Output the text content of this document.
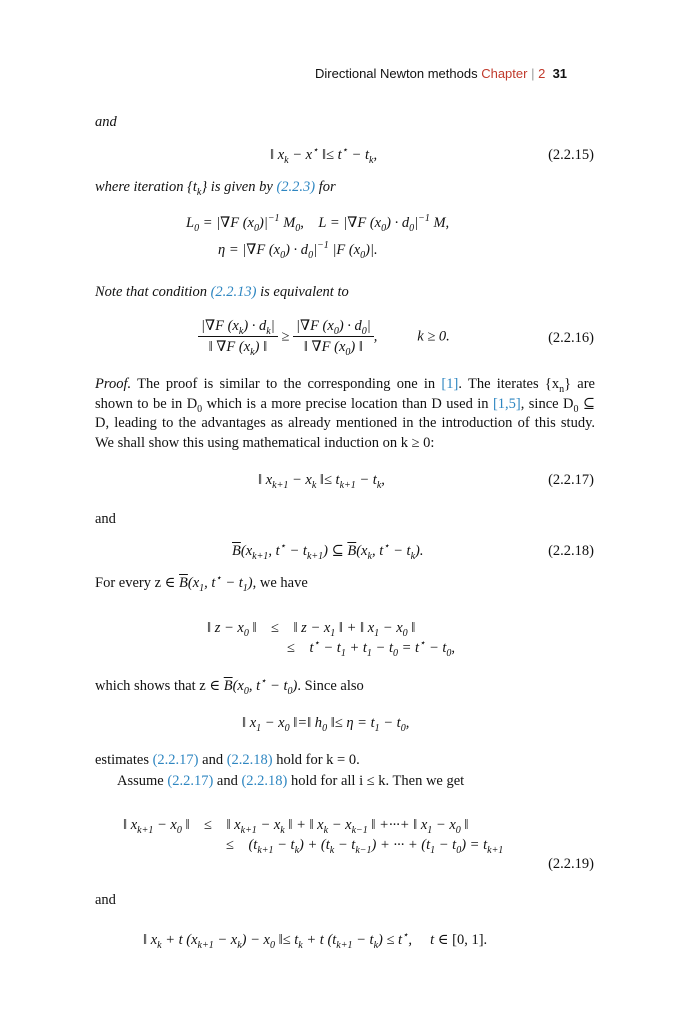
Directional Newton methods Chapter | 2 31
and
‖ $x_k - x^⋆$ ‖≤ $t^⋆ - t_k$,	(2.2.15)
where iteration $\{t_k\}$ is given by (2.2.3) for
$L_0 = |\nabla F$ $(x_0)|^{-1}$ $M_0$,    L = |∇F $(x_0) \cdot d_0|^{-1}$ M,
η = |∇F $(x_0) \cdot d_0|^{-1}$ |F $(x_0)|$.
Note that condition (2.2.13) is equivalent to
$\frac{|\nabla F (x_k) \cdot d_k|}{‖ \nabla F (x_k) ‖} \ge \frac{|\nabla F (x_0) \cdot d_0|}{‖ \nabla F (x_0) ‖}$ ,           k ≥ 0.	(2.2.16)
Proof. The proof is similar to the corresponding one in [1]. The iterates $\{x_n\}$ are shown to be in $D_0$ which is a more precise location than D used in [1,5], since $D_0$ ⊆ D, leading to the advantages as already mentioned in the introduction of this study. We shall show this using mathematical induction on k ≥ 0:
‖ $x_{k+1} - x_k$ ‖≤ $t_{k+1} - t_k$,	(2.2.17)
and
$\overline{B}(x_{k+1}$, $t^⋆ - t_{k+1}$) ⊆ $\overline{B}(x_k$, $t^⋆ - t_k$).	(2.2.18)
For every z ∈ $\overline{B}(x_1$, $t^⋆ - t_1$), we have
‖ $z - x_0$ ‖    ≤    ‖ $z - x_1$ ‖ + ‖ $x_1 - x_0$ ‖
≤    $t^⋆ - t_1 + t_1 - t_0 = t^⋆ - t_0$,
which shows that z ∈ $\overline{B}(x_0$, $t^⋆ - t_0$). Since also
‖ $x_1 - x_0$ ‖=‖ $h_0$ ‖≤ $\eta = t_1 - t_0$,
estimates (2.2.17) and (2.2.18) hold for k = 0.
Assume (2.2.17) and (2.2.18) hold for all i ≤ k. Then we get
‖ $x_{k+1} - x_0$ ‖    ≤    ‖ $x_{k+1} - x_k$ ‖ + ‖ $x_k - x_{k-1}$ ‖ +···+ ‖ $x_1 - x_0$ ‖
≤    $(t_{k+1} - t_k) + (t_k - t_{k-1})$ + ··· + $(t_1 - t_0) = t_{k+1}$
(2.2.19)
and
‖ $x_k + t$ $(x_{k+1} - x_k) - x_0$ ‖≤ $t_k + t$ $(t_{k+1} - t_k) \le t^⋆$,     t ∈ [0, 1].
